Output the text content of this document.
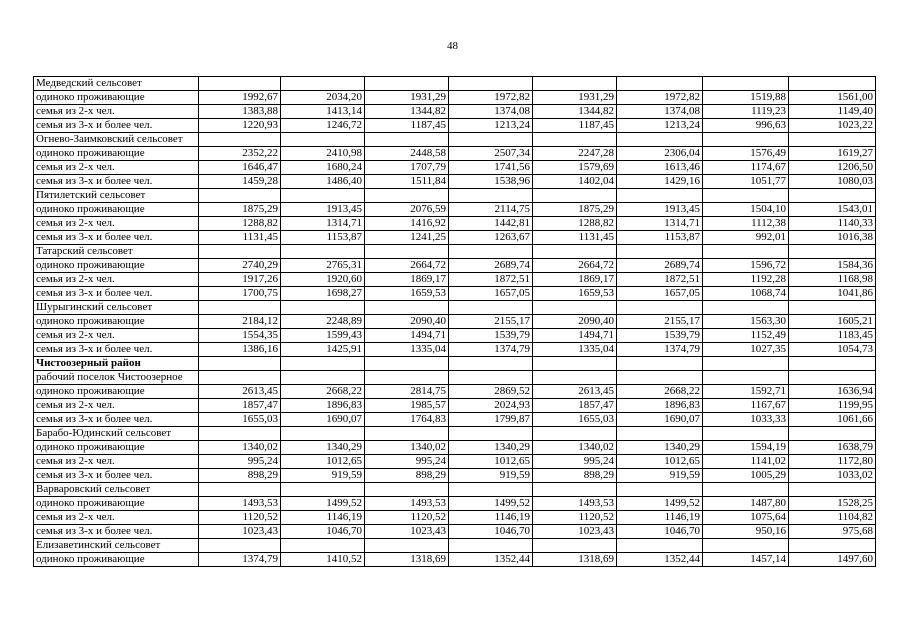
48
Медведский сельсовет								
одиноко проживающие	1992,67	2034,20	1931,29	1972,82	1931,29	1972,82	1519,88	1561,00
семья из 2-х чел.	1383,88	1413,14	1344,82	1374,08	1344,82	1374,08	1119,23	1149,40
семья из 3-х и более чел.	1220,93	1246,72	1187,45	1213,24	1187,45	1213,24	996,63	1023,22
Огнево-Заимковский сельсовет								
одиноко проживающие	2352,22	2410,98	2448,58	2507,34	2247,28	2306,04	1576,49	1619,27
семья из 2-х чел.	1646,47	1680,24	1707,79	1741,56	1579,69	1613,46	1174,67	1206,50
семья из 3-х и более чел.	1459,28	1486,40	1511,84	1538,96	1402,04	1429,16	1051,77	1080,03
Пятилетский сельсовет								
одиноко проживающие	1875,29	1913,45	2076,59	2114,75	1875,29	1913,45	1504,10	1543,01
семья из 2-х чел.	1288,82	1314,71	1416,92	1442,81	1288,82	1314,71	1112,38	1140,33
семья из 3-х и более чел.	1131,45	1153,87	1241,25	1263,67	1131,45	1153,87	992,01	1016,38
Татарский сельсовет								
одиноко проживающие	2740,29	2765,31	2664,72	2689,74	2664,72	2689,74	1596,72	1584,36
семья из 2-х чел.	1917,26	1920,60	1869,17	1872,51	1869,17	1872,51	1192,28	1168,98
семья из 3-х и более чел.	1700,75	1698,27	1659,53	1657,05	1659,53	1657,05	1068,74	1041,86
Шурыгинский сельсовет								
одиноко проживающие	2184,12	2248,89	2090,40	2155,17	2090,40	2155,17	1563,30	1605,21
семья из 2-х чел.	1554,35	1599,43	1494,71	1539,79	1494,71	1539,79	1152,49	1183,45
семья из 3-х и более чел.	1386,16	1425,91	1335,04	1374,79	1335,04	1374,79	1027,35	1054,73
Чистоозерный район								
рабочий поселок Чистоозерное								
одиноко проживающие	2613,45	2668,22	2814,75	2869,52	2613,45	2668,22	1592,71	1636,94
семья из 2-х чел.	1857,47	1896,83	1985,57	2024,93	1857,47	1896,83	1167,67	1199,95
семья из 3-х и более чел.	1655,03	1690,07	1764,83	1799,87	1655,03	1690,07	1033,33	1061,66
Барабо-Юдинский сельсовет								
одиноко проживающие	1340,02	1340,29	1340,02	1340,29	1340,02	1340,29	1594,19	1638,79
семья из 2-х чел.	995,24	1012,65	995,24	1012,65	995,24	1012,65	1141,02	1172,80
семья из 3-х и более чел.	898,29	919,59	898,29	919,59	898,29	919,59	1005,29	1033,02
Варваровский сельсовет								
одиноко проживающие	1493,53	1499,52	1493,53	1499,52	1493,53	1499,52	1487,80	1528,25
семья из 2-х чел.	1120,52	1146,19	1120,52	1146,19	1120,52	1146,19	1075,64	1104,82
семья из 3-х и более чел.	1023,43	1046,70	1023,43	1046,70	1023,43	1046,70	950,16	975,68
Елизаветинский сельсовет								
одиноко проживающие	1374,79	1410,52	1318,69	1352,44	1318,69	1352,44	1457,14	1497,60
